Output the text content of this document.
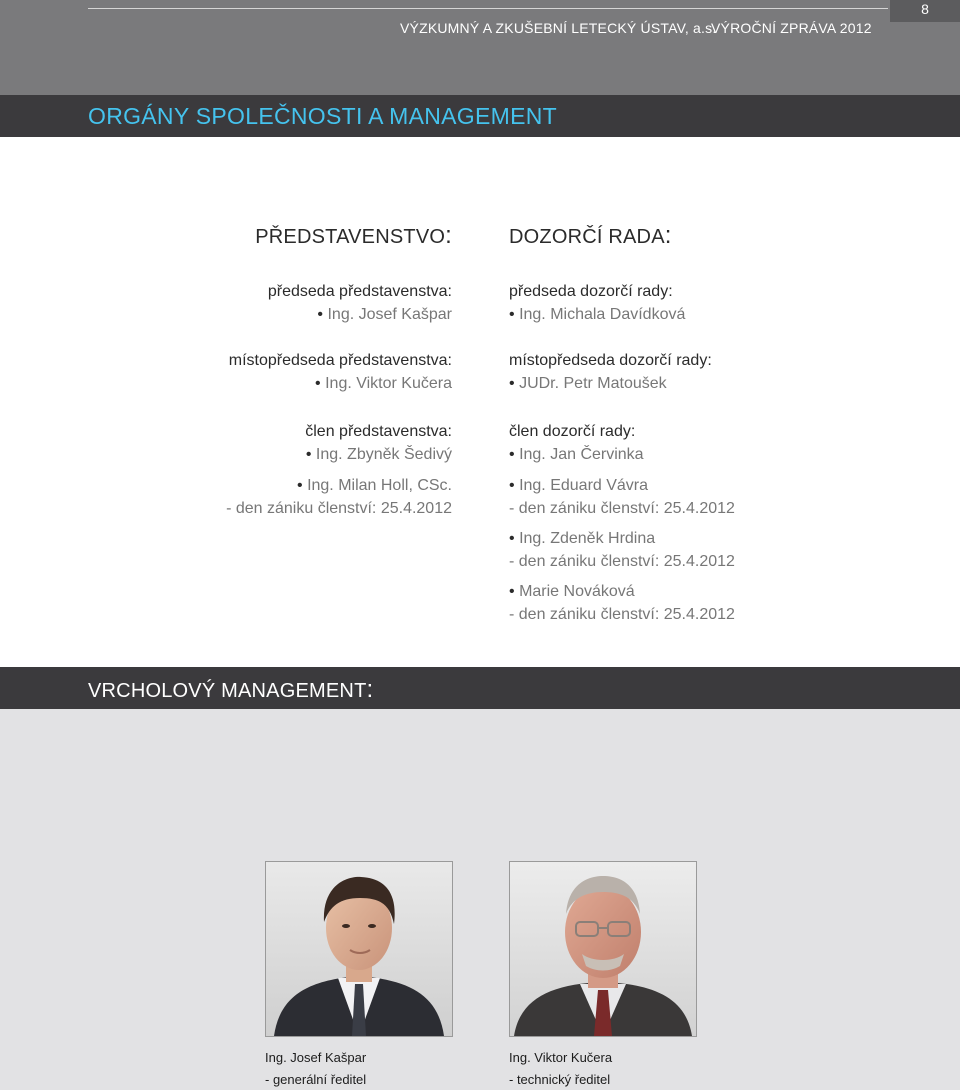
8
VÝZKUMNÝ A ZKUŠEBNÍ LETECKÝ ÚSTAV, a.s.
VÝROČNÍ ZPRÁVA 2012
ORGÁNY SPOLEČNOSTI A MANAGEMENT
PŘEDSTAVENSTVO:
předseda představenstva:
• Ing. Josef Kašpar
místopředseda představenstva:
• Ing. Viktor Kučera
člen představenstva:
• Ing. Zbyněk Šedivý
• Ing. Milan Holl, CSc.
- den zániku členství: 25.4.2012
DOZORČÍ RADA:
předseda dozorčí rady:
• Ing. Michala Davídková
místopředseda dozorčí rady:
• JUDr. Petr Matoušek
člen dozorčí rady:
• Ing. Jan Červinka
• Ing. Eduard Vávra
- den zániku členství: 25.4.2012
• Ing. Zdeněk Hrdina
- den zániku členství: 25.4.2012
• Marie Nováková
- den zániku členství: 25.4.2012
VRCHOLOVÝ MANAGEMENT:
Ing. Josef Kašpar
- generální ředitel
Ing. Viktor Kučera
- technický ředitel
